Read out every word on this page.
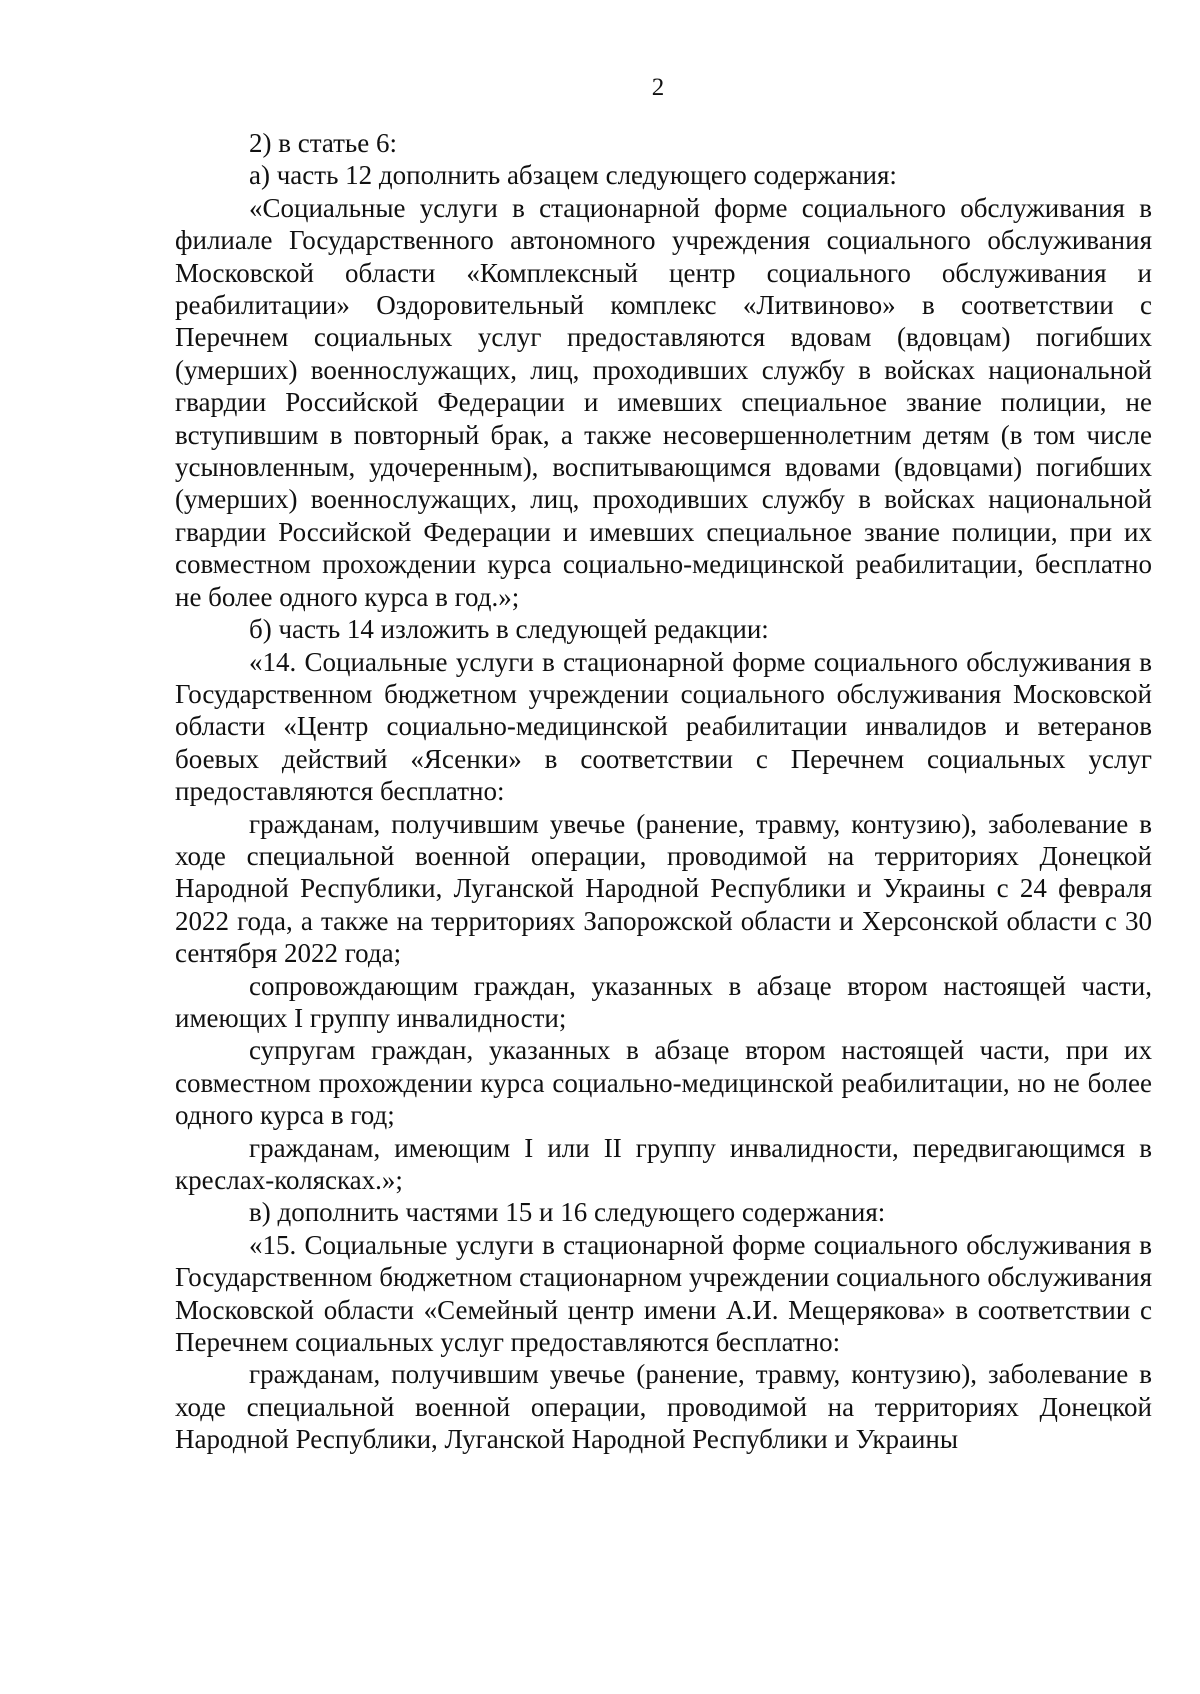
2

2) в статье 6:

а) часть 12 дополнить абзацем следующего содержания:

«Социальные услуги в стационарной форме социального обслуживания в филиале Государственного автономного учреждения социального обслуживания Московской области «Комплексный центр социального обслуживания и реабилитации» Оздоровительный комплекс «Литвиново» в соответствии с Перечнем социальных услуг предоставляются вдовам (вдовцам) погибших (умерших) военнослужащих, лиц, проходивших службу в войсках национальной гвардии Российской Федерации и имевших специальное звание полиции, не вступившим в повторный брак, а также несовершеннолетним детям (в том числе усыновленным, удочеренным), воспитывающимся вдовами (вдовцами) погибших (умерших) военнослужащих, лиц, проходивших службу в войсках национальной гвардии Российской Федерации и имевших специальное звание полиции, при их совместном прохождении курса социально-медицинской реабилитации, бесплатно не более одного курса в год.»;

б) часть 14 изложить в следующей редакции:

«14. Социальные услуги в стационарной форме социального обслуживания в Государственном бюджетном учреждении социального обслуживания Московской области «Центр социально-медицинской реабилитации инвалидов и ветеранов боевых действий «Ясенки» в соответствии с Перечнем социальных услуг предоставляются бесплатно:

гражданам, получившим увечье (ранение, травму, контузию), заболевание в ходе специальной военной операции, проводимой на территориях Донецкой Народной Республики, Луганской Народной Республики и Украины с 24 февраля 2022 года, а также на территориях Запорожской области и Херсонской области с 30 сентября 2022 года;

сопровождающим граждан, указанных в абзаце втором настоящей части, имеющих I группу инвалидности;

супругам граждан, указанных в абзаце втором настоящей части, при их совместном прохождении курса социально-медицинской реабилитации, но не более одного курса в год;

гражданам, имеющим I или II группу инвалидности, передвигающимся в креслах-колясках.»;

в) дополнить частями 15 и 16 следующего содержания:

«15. Социальные услуги в стационарной форме социального обслуживания в Государственном бюджетном стационарном учреждении социального обслуживания Московской области «Семейный центр имени А.И. Мещерякова» в соответствии с Перечнем социальных услуг предоставляются бесплатно:

гражданам, получившим увечье (ранение, травму, контузию), заболевание в ходе специальной военной операции, проводимой на территориях Донецкой Народной Республики, Луганской Народной Республики и Украины
